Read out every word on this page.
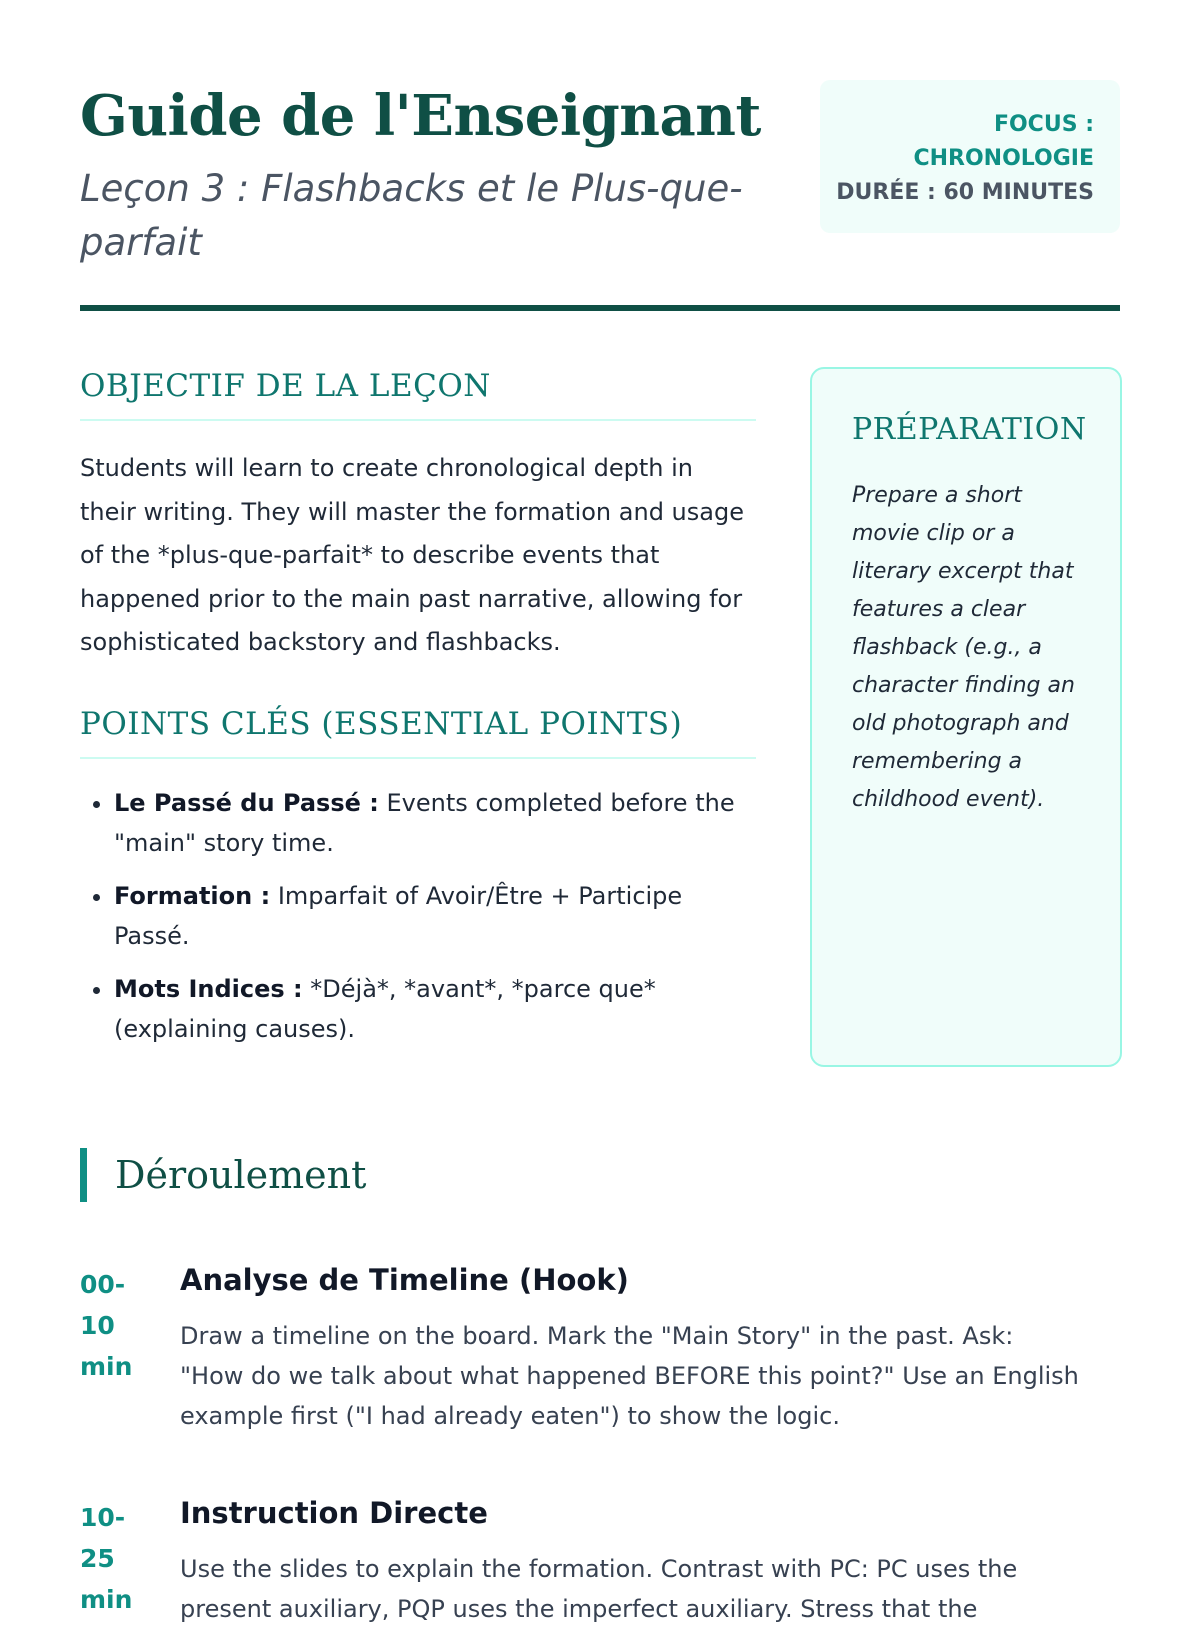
Guide de l'Enseignant
Leçon 3 : Flashbacks et le Plus-que-parfait
FOCUS : CHRONOLOGIE
DURÉE : 60 MINUTES
OBJECTIF DE LA LEÇON

Students will learn to create chronological depth in their writing. They will master the formation and usage of the *plus-que-parfait* to describe events that happened prior to the main past narrative, allowing for sophisticated backstory and flashbacks.

POINTS CLÉS (ESSENTIAL POINTS)
• Le Passé du Passé : Events completed before the "main" story time.
• Formation : Imparfait of Avoir/Être + Participe Passé.
• Mots Indices : *Déjà*, *avant*, *parce que* (explaining causes).
PRÉPARATION

Prepare a short movie clip or a literary excerpt that features a clear flashback (e.g., a character finding an old photograph and remembering a childhood event).

Déroulement
00-10 min
Analyse de Timeline (Hook)

Draw a timeline on the board. Mark the "Main Story" in the past. Ask: "How do we talk about what happened BEFORE this point?" Use an English example first ("I had already eaten") to show the logic.

10-25 min
Instruction Directe

Use the slides to explain the formation. Contrast with PC: PC uses the present auxiliary, PQP uses the imperfect auxiliary. Stress that the
